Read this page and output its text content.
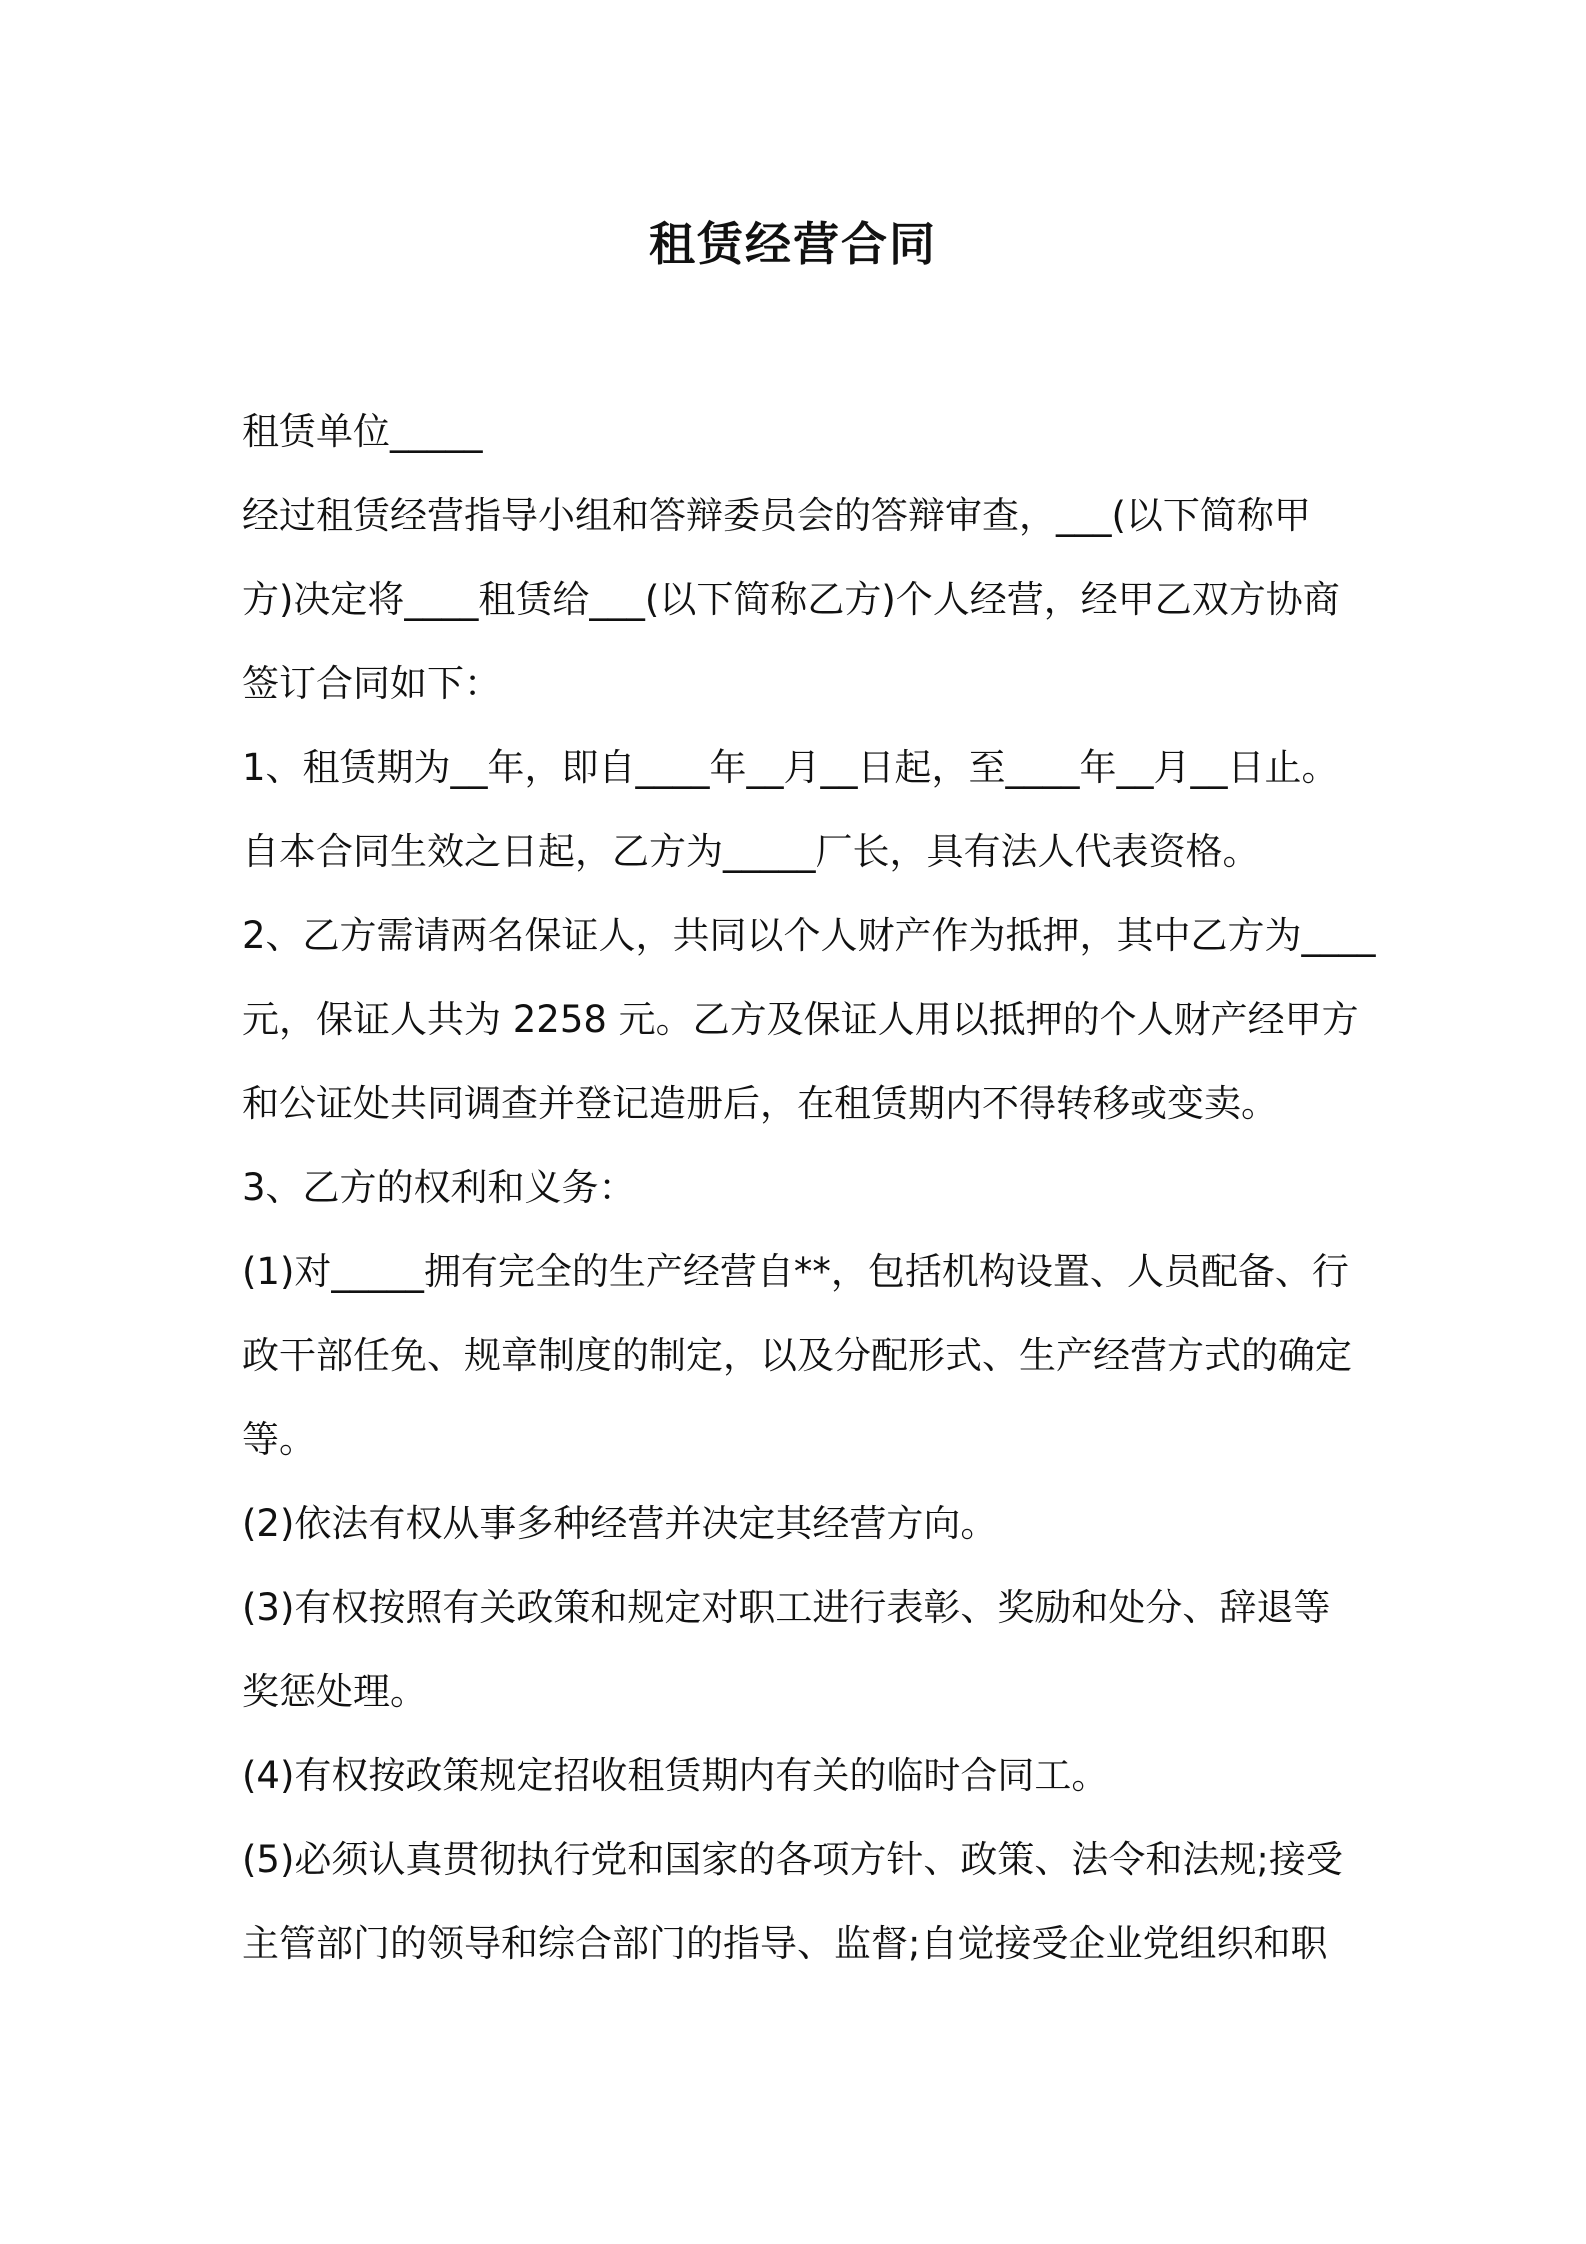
租赁经营合同

租赁单位_____

经过租赁经营指导小组和答辩委员会的答辩审查，___(以下简称甲

方)决定将____租赁给___(以下简称乙方)个人经营，经甲乙双方协商

签订合同如下：

1、租赁期为__年，即自____年__月__日起，至____年__月__日止。

自本合同生效之日起，乙方为_____厂长，具有法人代表资格。

2、乙方需请两名保证人，共同以个人财产作为抵押，其中乙方为____

元，保证人共为 2258 元。乙方及保证人用以抵押的个人财产经甲方

和公证处共同调查并登记造册后，在租赁期内不得转移或变卖。

3、乙方的权利和义务：

(1)对_____拥有完全的生产经营自**，包括机构设置、人员配备、行

政干部任免、规章制度的制定，以及分配形式、生产经营方式的确定

等。

(2)依法有权从事多种经营并决定其经营方向。

(3)有权按照有关政策和规定对职工进行表彰、奖励和处分、辞退等

奖惩处理。

(4)有权按政策规定招收租赁期内有关的临时合同工。

(5)必须认真贯彻执行党和国家的各项方针、政策、法令和法规;接受

主管部门的领导和综合部门的指导、监督;自觉接受企业党组织和职
